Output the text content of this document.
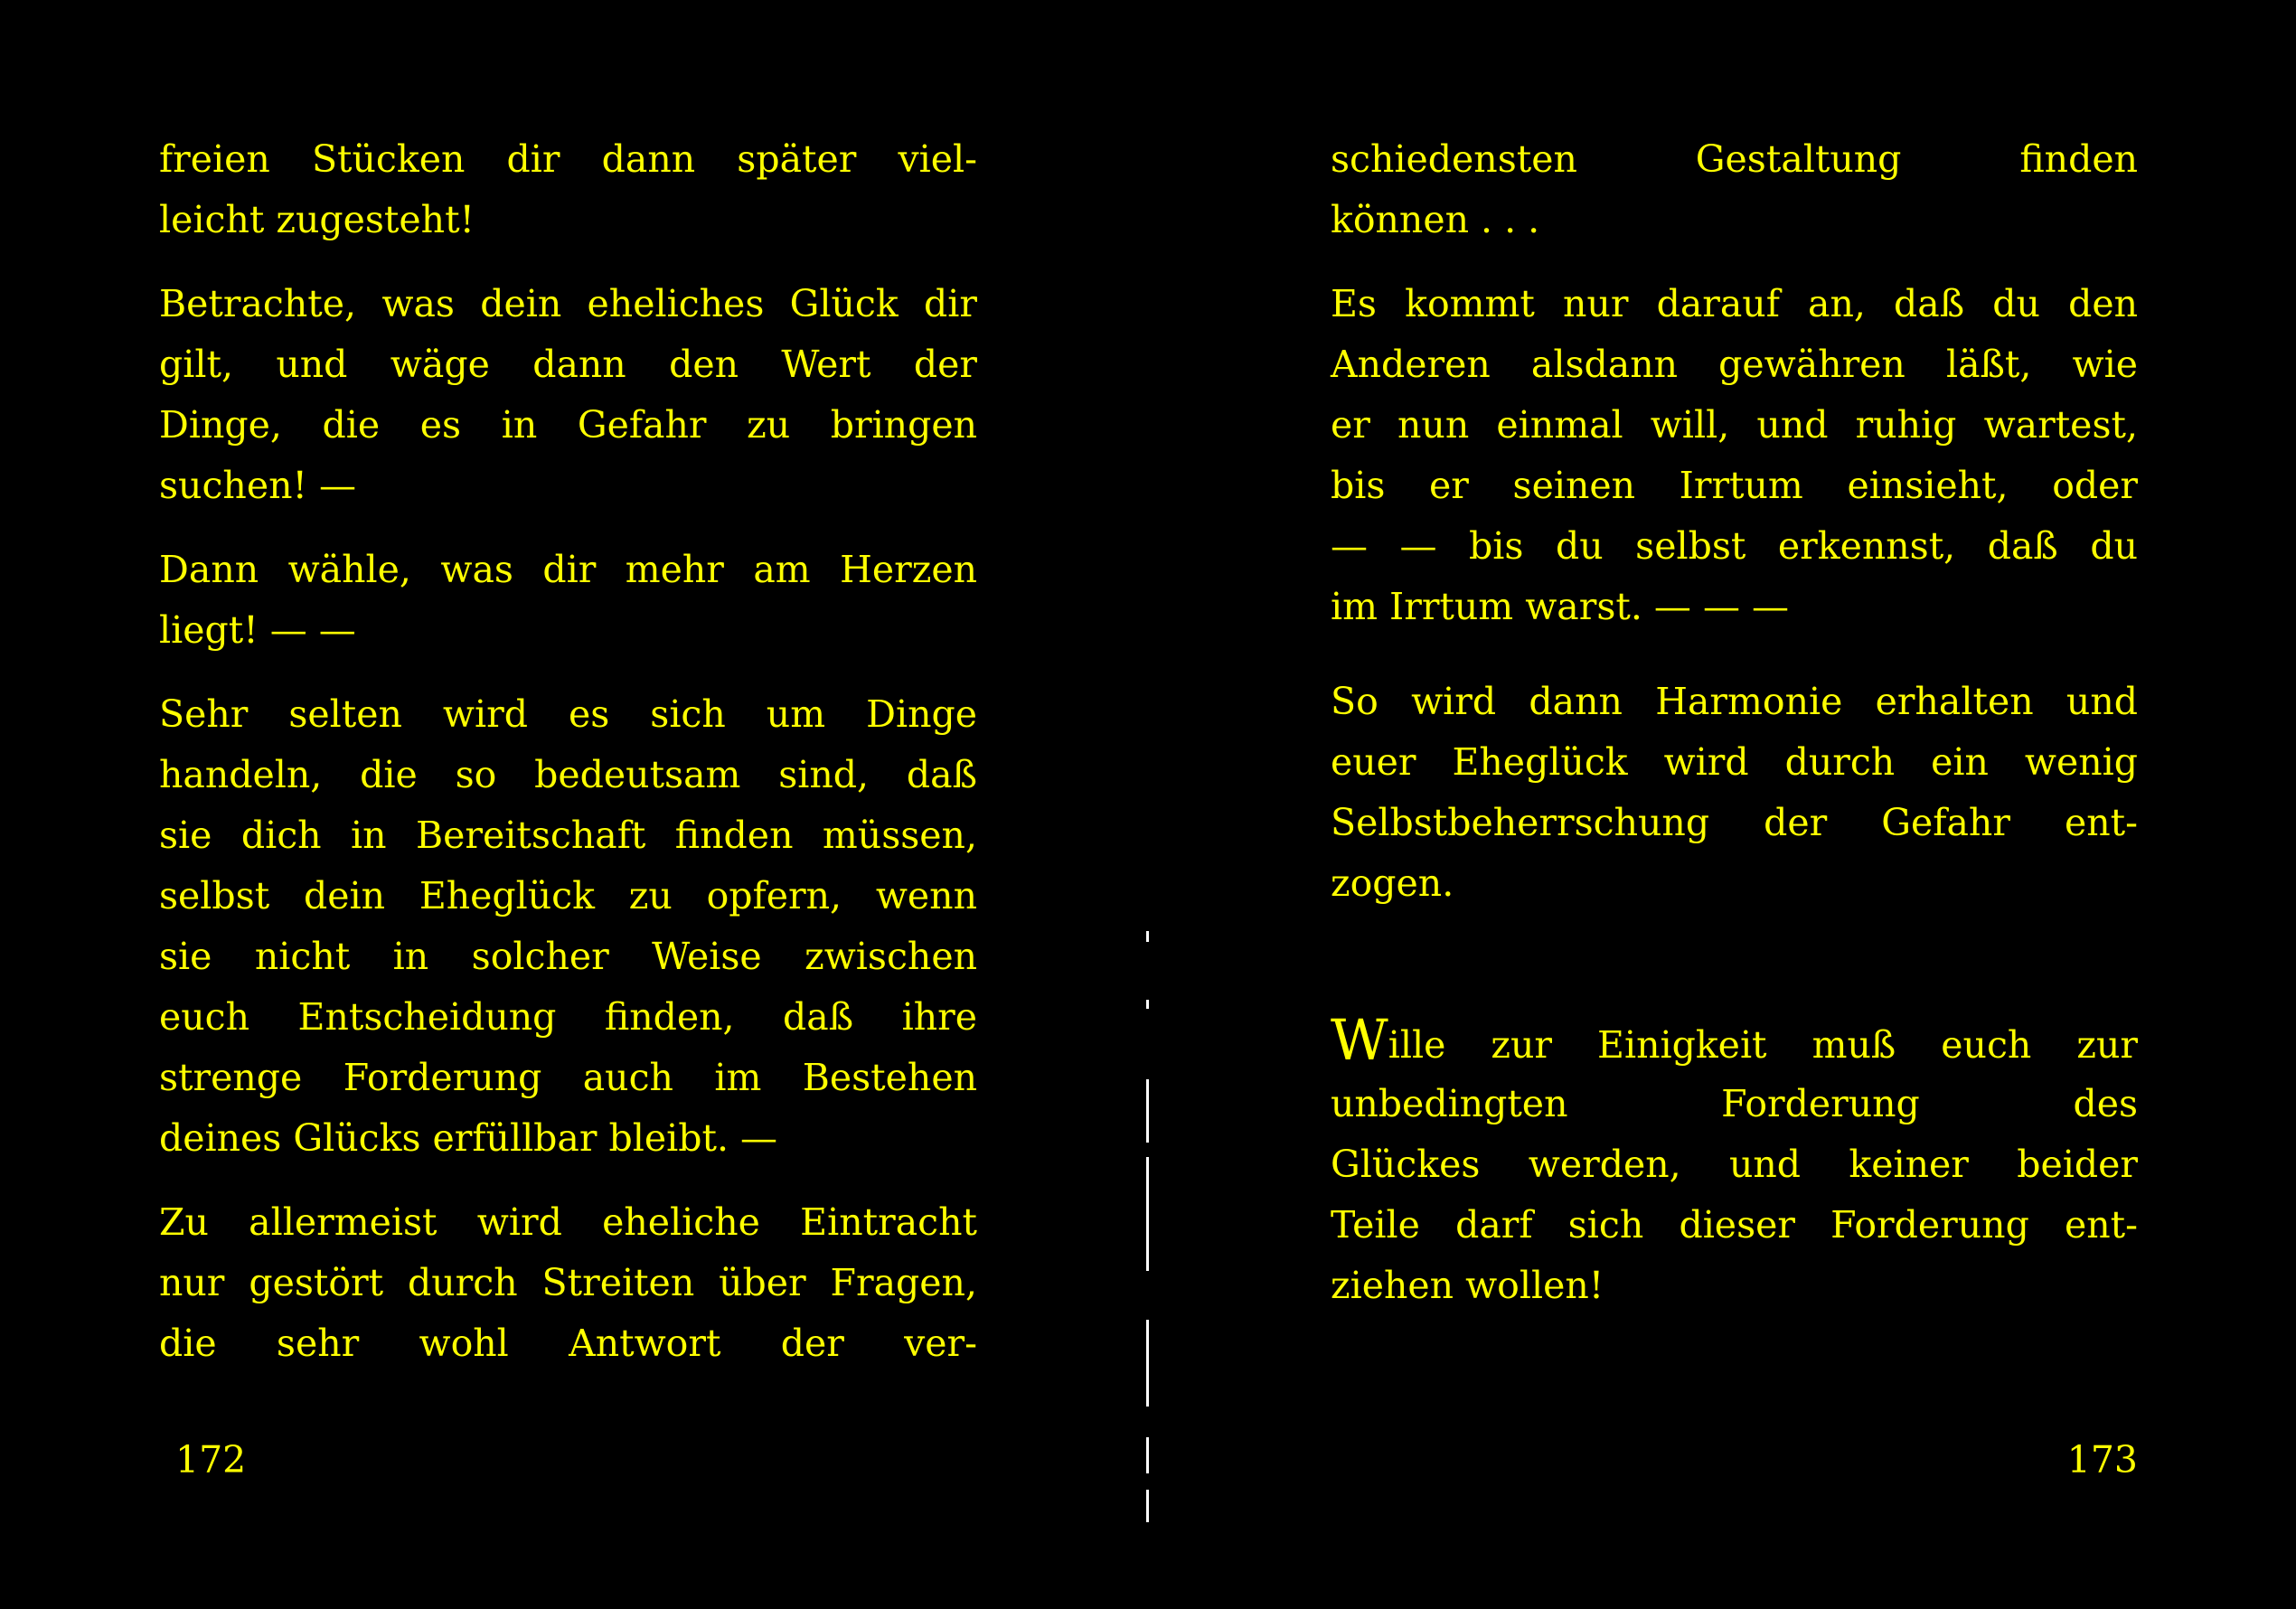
freien Stücken dir dann später viel-
leicht zugesteht!
Betrachte, was dein eheliches Glück dir
gilt, und wäge dann den Wert der
Dinge, die es in Gefahr zu bringen
suchen! —
Dann wähle, was dir mehr am Herzen
liegt! — —
Sehr selten wird es sich um Dinge
handeln, die so bedeutsam sind, daß
sie dich in Bereitschaft finden müssen,
selbst dein Eheglück zu opfern, wenn
sie nicht in solcher Weise zwischen
euch Entscheidung finden, daß ihre
strenge Forderung auch im Bestehen
deines Glücks erfüllbar bleibt. —
Zu allermeist wird eheliche Eintracht
nur gestört durch Streiten über Fragen,
die sehr wohl Antwort der ver-
172
schiedensten Gestaltung finden
können . . .
Es kommt nur darauf an, daß du den
Anderen alsdann gewähren läßt, wie
er nun einmal will, und ruhig wartest,
bis er seinen Irrtum einsieht, oder
— — bis du selbst erkennst, daß du
im Irrtum warst. — — —
So wird dann Harmonie erhalten und
euer Eheglück wird durch ein wenig
Selbstbeherrschung der Gefahr ent-
zogen.
Wille zur Einigkeit muß euch zur
unbedingten Forderung des
Glückes werden, und keiner beider
Teile darf sich dieser Forderung ent-
ziehen wollen!
173
